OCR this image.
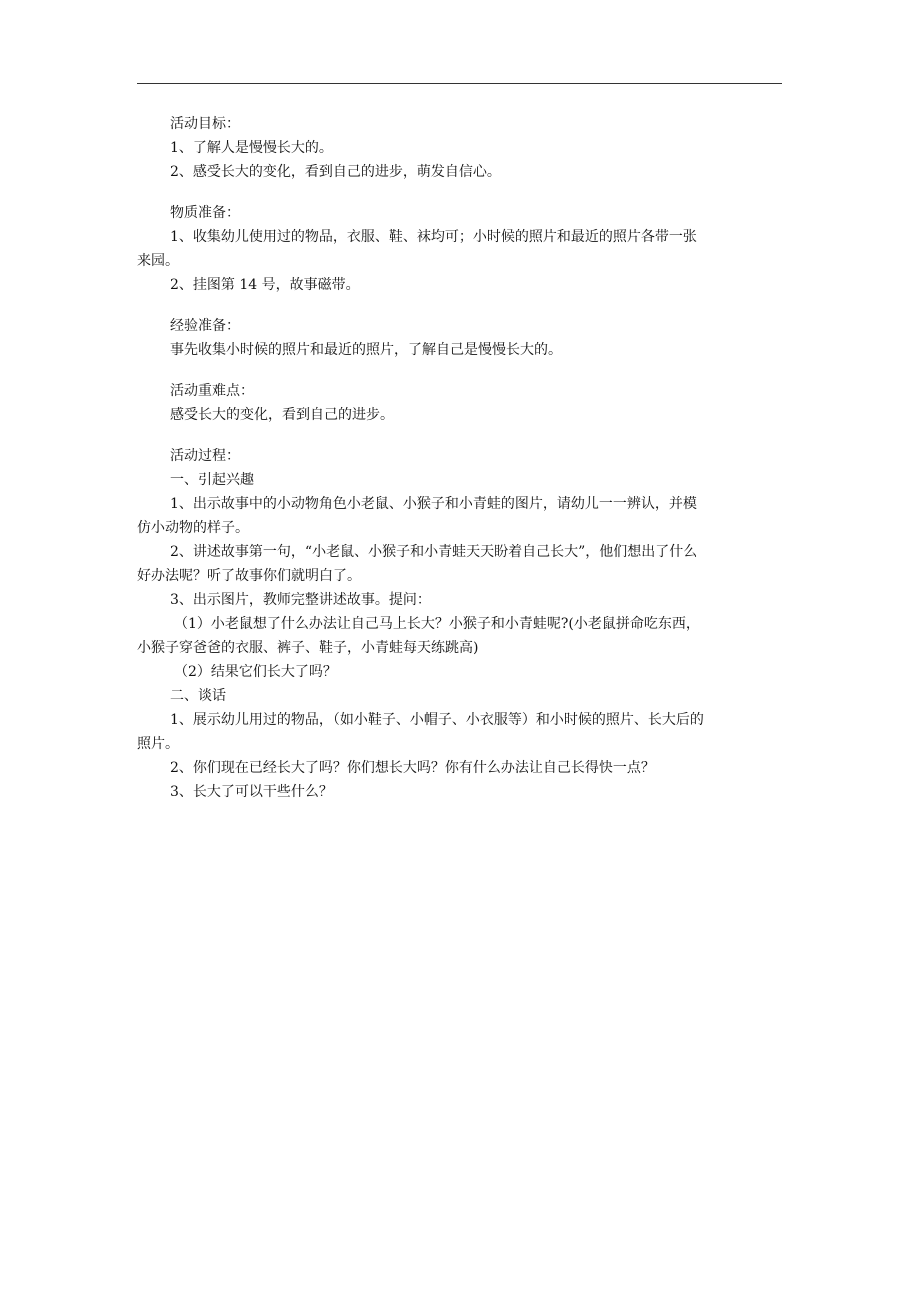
活动目标：

1、了解人是慢慢长大的。

2、感受长大的变化，看到自己的进步，萌发自信心。

物质准备：

1、收集幼儿使用过的物品，衣服、鞋、袜均可；小时候的照片和最近的照片各带一张

来园。

2、挂图第 14 号，故事磁带。

经验准备：

事先收集小时候的照片和最近的照片，了解自己是慢慢长大的。

活动重难点：

感受长大的变化，看到自己的进步。

活动过程：

一、引起兴趣

1、出示故事中的小动物角色小老鼠、小猴子和小青蛙的图片，请幼儿一一辨认，并模

仿小动物的样子。

2、讲述故事第一句，“小老鼠、小猴子和小青蛙天天盼着自己长大”，他们想出了什么

好办法呢？听了故事你们就明白了。

3、出示图片，教师完整讲述故事。提问：

（1）小老鼠想了什么办法让自己马上长大？小猴子和小青蛙呢?(小老鼠拼命吃东西，

小猴子穿爸爸的衣服、裤子、鞋子，小青蛙每天练跳高)

（2）结果它们长大了吗？

二、谈话

1、展示幼儿用过的物品，（如小鞋子、小帽子、小衣服等）和小时候的照片、长大后的

照片。

2、你们现在已经长大了吗？你们想长大吗？你有什么办法让自己长得快一点？

3、长大了可以干些什么？
